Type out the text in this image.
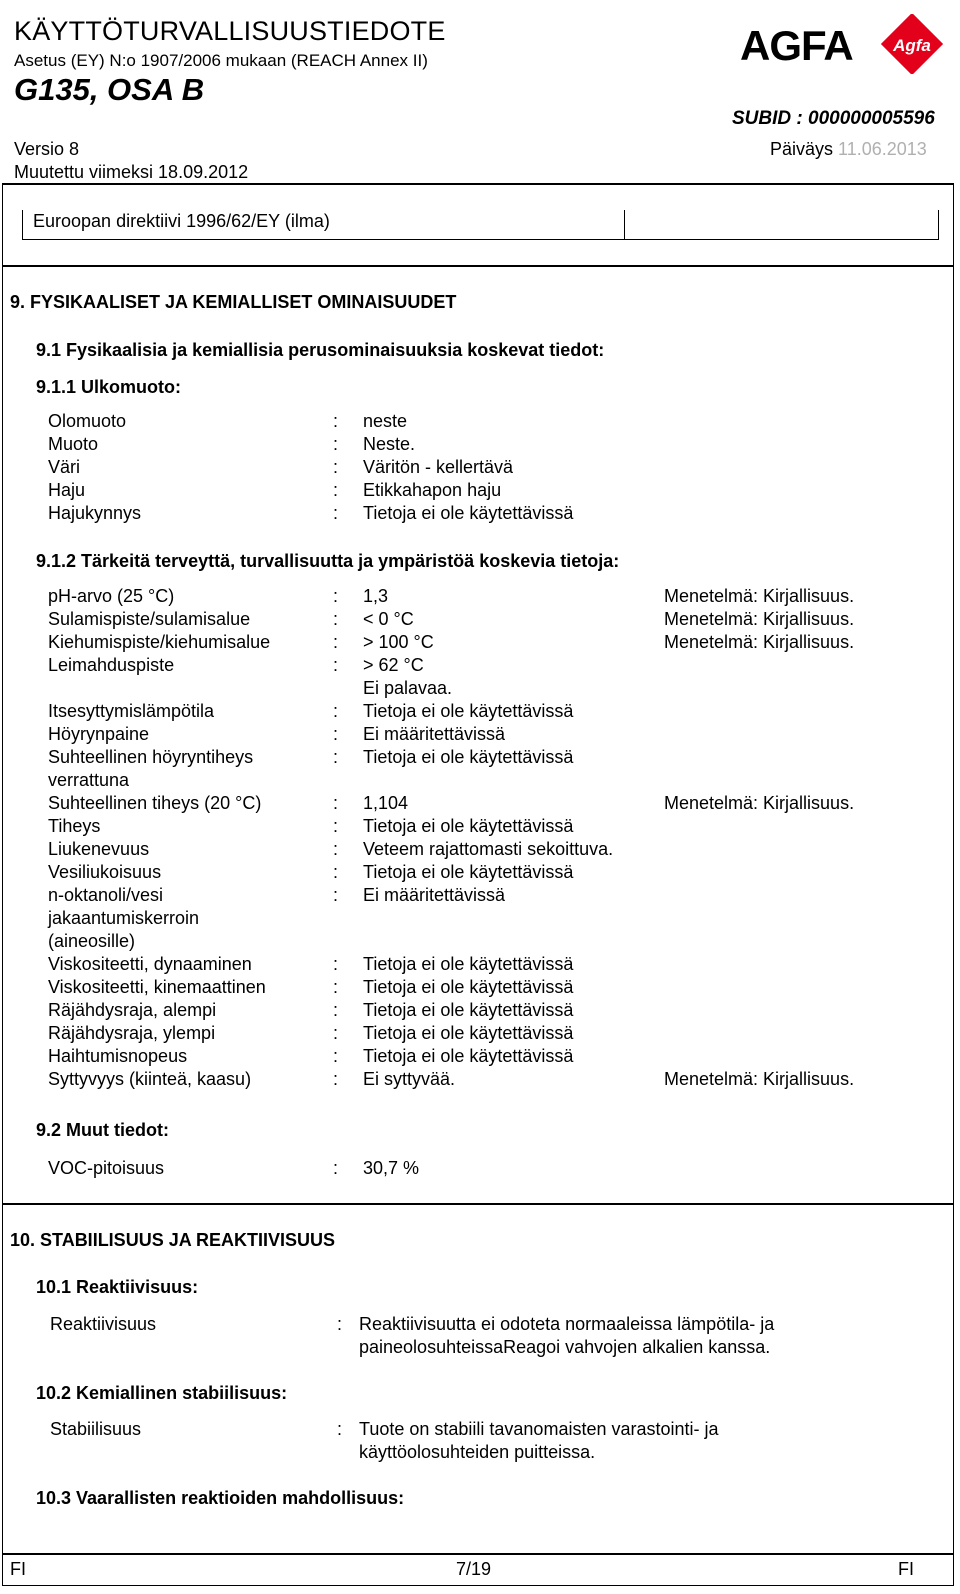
KÄYTTÖTURVALLISUUSTIEDOTE
Asetus (EY) N:o 1907/2006 mukaan (REACH Annex II)
G135, OSA B
SUBID : 000000005596
Versio 8
Muutettu viimeksi 18.09.2012
Päiväys 11.06.2013
AGFA Agfa
Euroopan direktiivi 1996/62/EY (ilma)
9. FYSIKAALISET JA KEMIALLISET OMINAISUUDET
9.1 Fysikaalisia ja kemiallisia perusominaisuuksia koskevat tiedot:
9.1.1 Ulkomuoto:
Olomuoto	: neste
Muoto	: Neste.
Väri	: Väritön - kellertävä
Haju	: Etikkahapon haju
Hajukynnys	: Tietoja ei ole käytettävissä
9.1.2 Tärkeitä terveyttä, turvallisuutta ja ympäristöä koskevia tietoja:
pH-arvo (25 °C)	: 1,3	Menetelmä: Kirjallisuus.
Sulamispiste/sulamisalue	: < 0 °C	Menetelmä: Kirjallisuus.
Kiehumispiste/kiehumisalue	: > 100 °C	Menetelmä: Kirjallisuus.
Leimahduspiste	: > 62 °C
Ei palavaa.
Itsesyttymislämpötila	: Tietoja ei ole käytettävissä
Höyrynpaine	: Ei määritettävissä
Suhteellinen höyryntiheys	: Tietoja ei ole käytettävissä
verrattuna
Suhteellinen tiheys (20 °C)	: 1,104	Menetelmä: Kirjallisuus.
Tiheys	: Tietoja ei ole käytettävissä
Liukenevuus	: Veteem rajattomasti sekoittuva.
Vesiliukoisuus	: Tietoja ei ole käytettävissä
n-oktanoli/vesi	: Ei määritettävissä
jakaantumiskerroin
(aineosille)
Viskositeetti, dynaaminen	: Tietoja ei ole käytettävissä
Viskositeetti, kinemaattinen	: Tietoja ei ole käytettävissä
Räjähdysraja, alempi	: Tietoja ei ole käytettävissä
Räjähdysraja, ylempi	: Tietoja ei ole käytettävissä
Haihtumisnopeus	: Tietoja ei ole käytettävissä
Syttyvyys (kiinteä, kaasu)	: Ei syttyvää.	Menetelmä: Kirjallisuus.
9.2 Muut tiedot:
VOC-pitoisuus	: 30,7 %
10. STABIILISUUS JA REAKTIIVISUUS
10.1 Reaktiivisuus:
Reaktiivisuus	: Reaktiivisuutta ei odoteta normaaleissa lämpötila- ja
paineolosuhteissaReagoi vahvojen alkalien kanssa.
10.2 Kemiallinen stabiilisuus:
Stabiilisuus	: Tuote on stabiili tavanomaisten varastointi- ja
käyttöolosuhteiden puitteissa.
10.3 Vaarallisten reaktioiden mahdollisuus:
FI	7/19	FI
